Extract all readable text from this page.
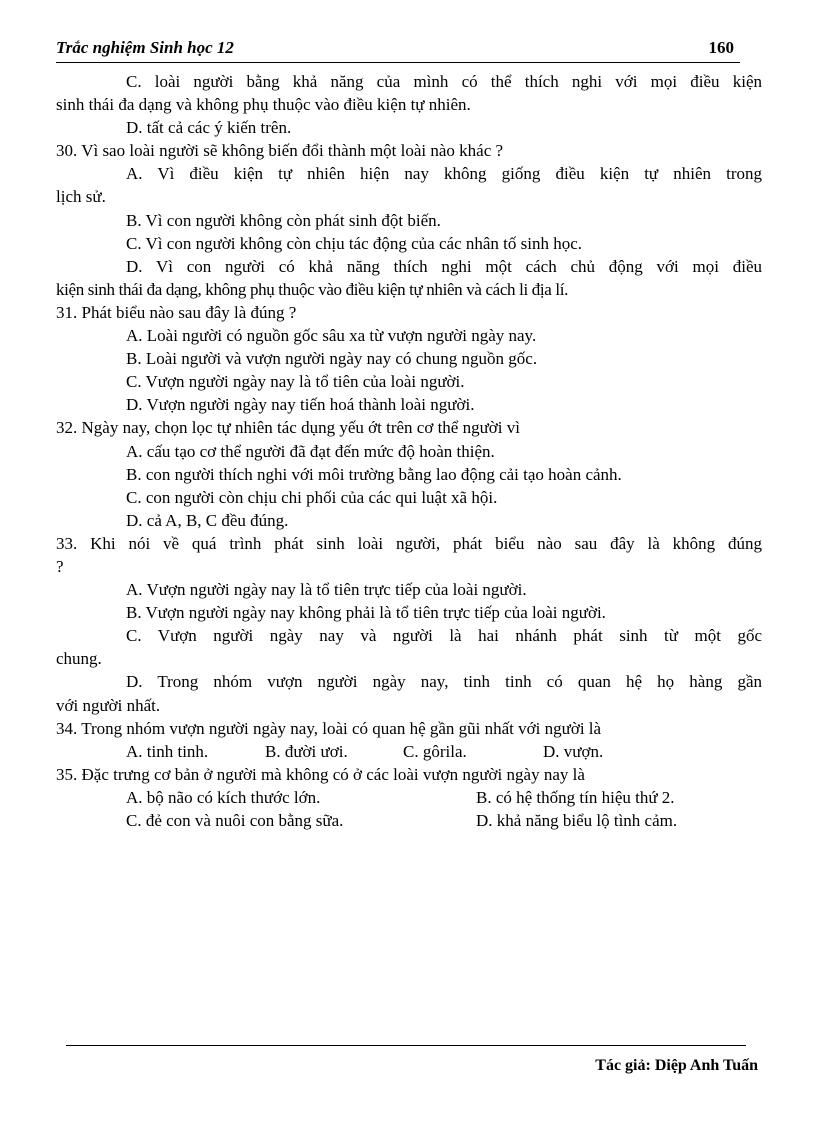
Trắc nghiệm Sinh học 12	160
C. loài người bằng khả năng của mình có thể thích nghi với mọi điều kiện
sinh thái đa dạng và không phụ thuộc vào điều kiện tự nhiên.
D. tất cả các ý kiến trên.
30. Vì sao loài người sẽ không biến đổi thành một loài nào khác ?
A. Vì điều kiện tự nhiên hiện nay không giống điều kiện tự nhiên trong
lịch sử.
B. Vì con người không còn phát sinh đột biến.
C. Vì con người không còn chịu tác động của các nhân tố sinh học.
D. Vì con người có khả năng thích nghi một cách chủ động với mọi điều
kiện sinh thái đa dạng, không phụ thuộc vào điều kiện tự nhiên và cách li địa lí.
31. Phát biểu nào sau đây là đúng ?
A. Loài người có nguồn gốc sâu xa từ vượn người ngày nay.
B. Loài người và vượn người ngày nay có chung nguồn gốc.
C. Vượn người ngày nay là tổ tiên của loài người.
D. Vượn người ngày nay tiến hoá thành loài người.
32. Ngày nay, chọn lọc tự nhiên tác dụng yếu ớt trên cơ thể người vì
A. cấu tạo cơ thể người đã đạt đến mức độ hoàn thiện.
B. con người thích nghi với môi trường bằng lao động cải tạo hoàn cảnh.
C. con người còn chịu chi phối của các qui luật xã hội.
D. cả A, B, C đều đúng.
33. Khi nói về quá trình phát sinh loài người, phát biểu nào sau đây là không đúng
?
A. Vượn người ngày nay là tổ tiên trực tiếp của loài người.
B. Vượn người ngày nay không phải là tổ tiên trực tiếp của loài người.
C. Vượn người ngày nay và người là hai nhánh phát sinh từ một gốc
chung.
D. Trong nhóm vượn người ngày nay, tinh tinh có quan hệ họ hàng gần
với người nhất.
34. Trong nhóm vượn người ngày nay, loài có quan hệ gần gũi nhất với người là
A. tinh tinh.	B. đười ươi.	C. gôrila.	D. vượn.
35. Đặc trưng cơ bản ở người mà không có ở các loài vượn người ngày nay là
A. bộ não có kích thước lớn.	B. có hệ thống tín hiệu thứ 2.
C. đẻ con và nuôi con bằng sữa.	D. khả năng biểu lộ tình cảm.
Tác giả: Diệp Anh Tuấn
